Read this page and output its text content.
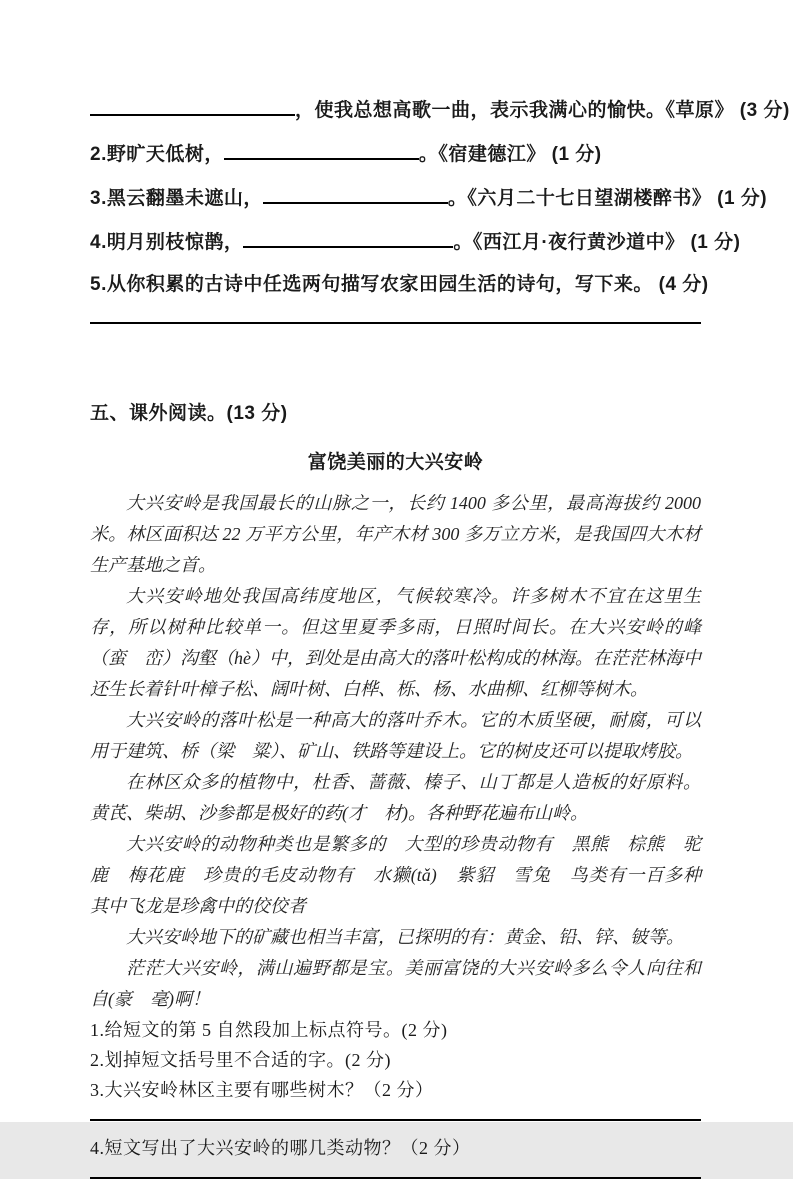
，使我总想高歌一曲，表示我满心的愉快。《草原》 (3 分)
2.野旷天低树，	。《宿建德江》 (1 分)
3.黑云翻墨未遮山，	。《六月二十七日望湖楼醉书》 (1 分)
4.明月别枝惊鹊，	。《西江月·夜行黄沙道中》 (1 分)
5.从你积累的古诗中任选两句描写农家田园生活的诗句，写下来。 (4 分)
五、课外阅读。(13 分)
富饶美丽的大兴安岭

大兴安岭是我国最长的山脉之一，长约 1400 多公里，最高海拔约 2000 米。林区面积达 22 万平方公里，年产木材 300 多万立方米，是我国四大木材生产基地之首。

大兴安岭地处我国高纬度地区，气候较寒冷。许多树木不宜在这里生存，所以树种比较单一。但这里夏季多雨，日照时间长。在大兴安岭的峰（蛮　峦）沟壑（hè）中，到处是由高大的落叶松构成的林海。在茫茫林海中还生长着针叶樟子松、阔叶树、白桦、栎、杨、水曲柳、红柳等树木。

大兴安岭的落叶松是一种高大的落叶乔木。它的木质坚硬，耐腐，可以用于建筑、桥（梁　粱）、矿山、铁路等建设上。它的树皮还可以提取烤胶。

在林区众多的植物中，杜香、蔷薇、榛子、山丁都是人造板的好原料。黄芪、柴胡、沙参都是极好的药(才　材)。各种野花遍布山岭。

大兴安岭的动物种类也是繁多的　大型的珍贵动物有　黑熊　棕熊　驼鹿　梅花鹿　珍贵的毛皮动物有　水獭(tǎ)　紫貂　雪兔　鸟类有一百多种　其中飞龙是珍禽中的佼佼者

大兴安岭地下的矿藏也相当丰富，已探明的有：黄金、铅、锌、铍等。

茫茫大兴安岭，满山遍野都是宝。美丽富饶的大兴安岭多么令人向往和自(豪　毫)啊！

1.给短文的第 5 自然段加上标点符号。(2 分)

2.划掉短文括号里不合适的字。(2 分)

3.大兴安岭林区主要有哪些树木？（2 分）

4.短文写出了大兴安岭的哪几类动物？（2 分）
